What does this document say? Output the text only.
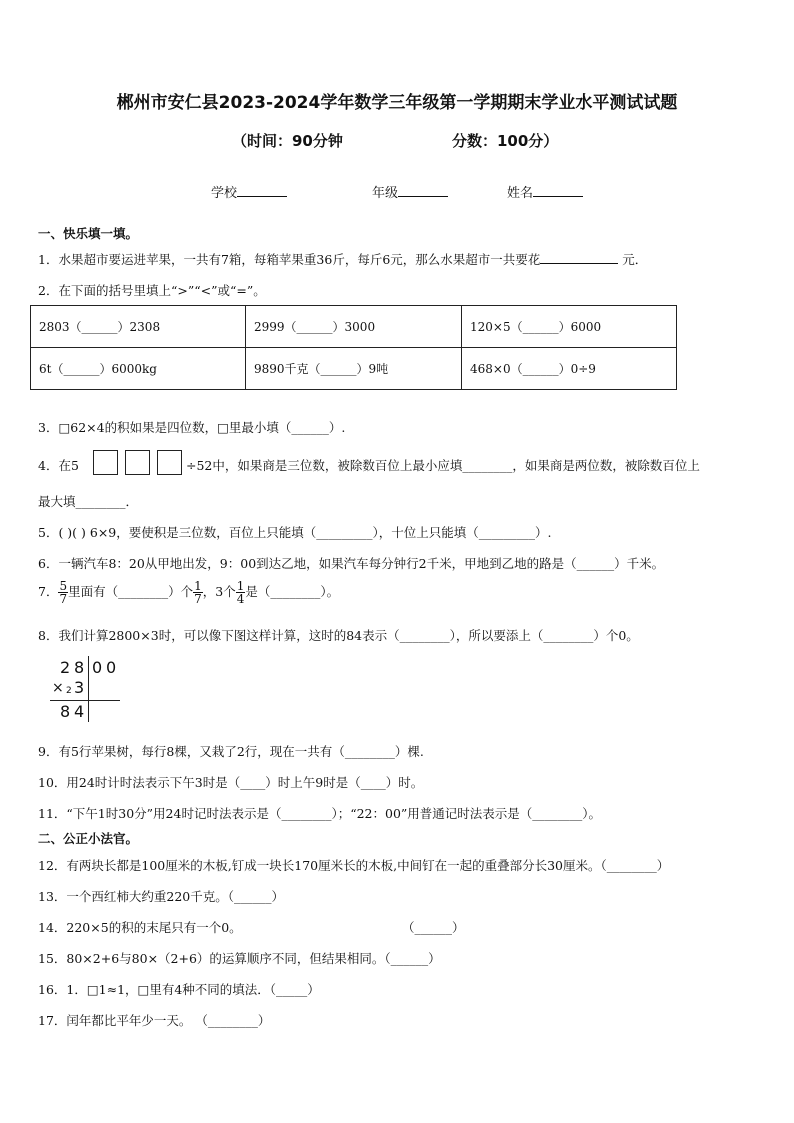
郴州市安仁县2023-2024学年数学三年级第一学期期末学业水平测试试题
（时间：90分钟	分数：100分）
学校	年级	姓名
一、快乐填一填。
1．水果超市要运进苹果，一共有7箱，每箱苹果重36斤，每斤6元，那么水果超市一共要花	元．
2．在下面的括号里填上“>”“<”或“=”。
2803（______）2308	2999（______）3000	120×5（______）6000
6t（______）6000kg	9890千克（______）9吨	468×0（______）0÷9
3．□62×4的积如果是四位数，□里最小填（______）.
4．在5	÷52中，如果商是三位数，被除数百位上最小应填________，如果商是两位数，被除数百位上
最大填________．
5．( )( ) 6×9，要使积是三位数，百位上只能填（_________），十位上只能填（_________）.
6．一辆汽车8：20从甲地出发，9：00到达乙地，如果汽车每分钟行2千米，甲地到乙地的路是（______）千米。
7． $\frac{5}{7}$ 里面有（________）个 $\frac{1}{7}$ ，3个 $\frac{1}{4}$ 是（________）。
8．我们计算2800×3时，可以像下图这样计算，这时的84表示（________），所以要添上（________）个0。
2 8 0 0
× 2 3
8 4
9．有5行苹果树，每行8棵，又栽了2行，现在一共有（________）棵.
10．用24时计时法表示下午3时是（____）时上午9时是（____）时。
11．“下午1时30分”用24时记时法表示是（________）；“22：00”用普通记时法表示是（________）。
二、公正小法官。
12．有两块长都是100厘米的木板,钉成一块长170厘米长的木板,中间钉在一起的重叠部分长30厘米。（________）
13．一个西红柿大约重220千克。（______）
14．220×5的积的末尾只有一个0。	（______）
15．80×2+6与80×（2+6）的运算顺序不同，但结果相同。（______）
16．1．□1≈1，□里有4种不同的填法．（_____）
17．闰年都比平年少一天。 （________）
